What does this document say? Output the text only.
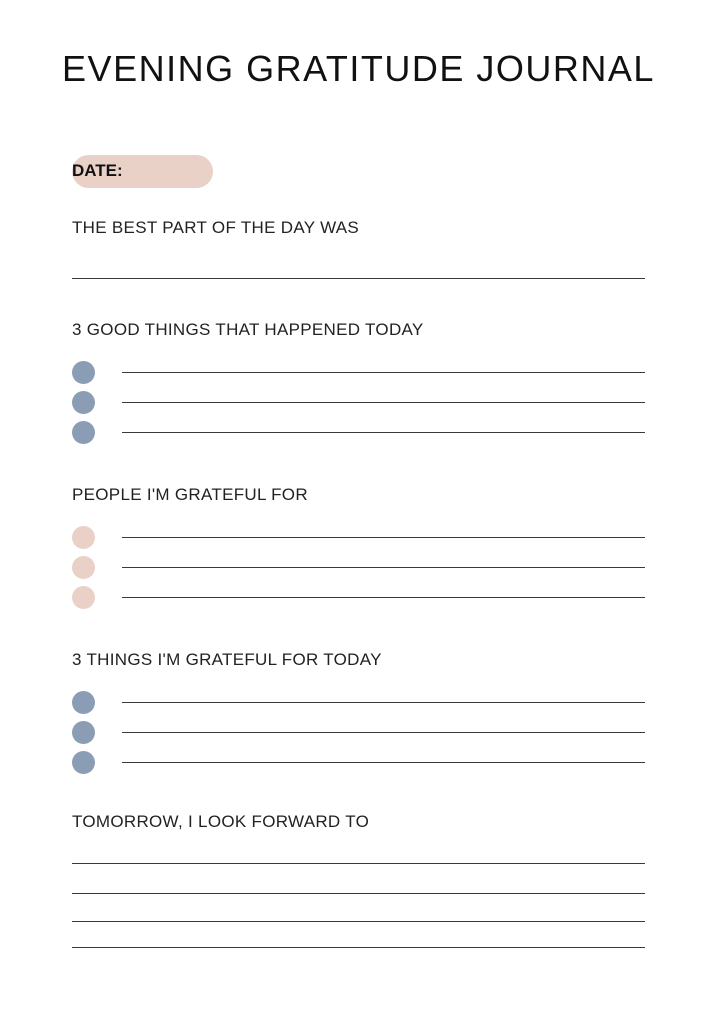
EVENING GRATITUDE JOURNAL
DATE:
THE BEST PART OF THE DAY WAS
3 GOOD THINGS THAT HAPPENED TODAY
PEOPLE I'M GRATEFUL FOR
3 THINGS I'M GRATEFUL FOR TODAY
TOMORROW, I LOOK FORWARD TO
